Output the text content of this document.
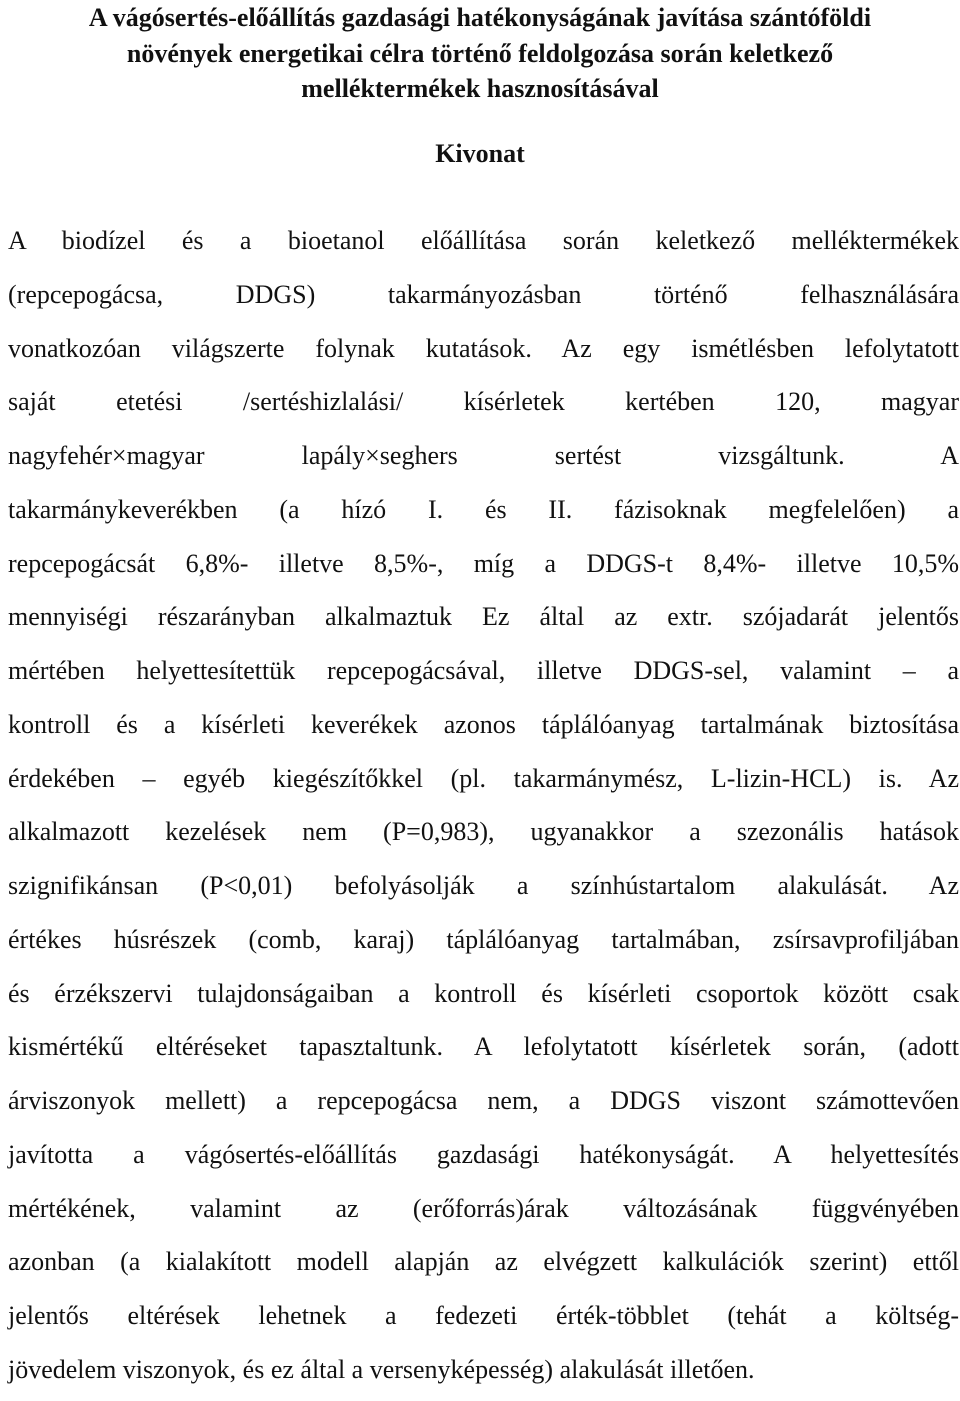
A vágósertés-előállítás gazdasági hatékonyságának javítása szántóföldi
növények energetikai célra történő feldolgozása során keletkező
melléktermékek hasznosításával
Kivonat
A biodízel és a bioetanol előállítása során keletkező melléktermékek
(repcepogácsa, DDGS) takarmányozásban történő felhasználására
vonatkozóan világszerte folynak kutatások. Az egy ismétlésben lefolytatott
saját etetési /sertéshizlalási/ kísérletek kertében 120, magyar
nagyfehér×magyar lapály×seghers sertést vizsgáltunk. A
takarmánykeverékben (a hízó I. és II. fázisoknak megfelelően) a
repcepogácsát 6,8%- illetve 8,5%-, míg a DDGS-t 8,4%- illetve 10,5%
mennyiségi részarányban alkalmaztuk Ez által az extr. szójadarát jelentős
mértében helyettesítettük repcepogácsával, illetve DDGS-sel, valamint – a
kontroll és a kísérleti keverékek azonos táplálóanyag tartalmának biztosítása
érdekében – egyéb kiegészítőkkel (pl. takarmánymész, L-lizin-HCL) is. Az
alkalmazott kezelések nem (P=0,983), ugyanakkor a szezonális hatások
szignifikánsan (P<0,01) befolyásolják a színhústartalom alakulását. Az
értékes húsrészek (comb, karaj) táplálóanyag tartalmában, zsírsavprofiljában
és érzékszervi tulajdonságaiban a kontroll és kísérleti csoportok között csak
kismértékű eltéréseket tapasztaltunk. A lefolytatott kísérletek során, (adott
árviszonyok mellett) a repcepogácsa nem, a DDGS viszont számottevően
javította a vágósertés-előállítás gazdasági hatékonyságát. A helyettesítés
mértékének, valamint az (erőforrás)árak változásának függvényében
azonban (a kialakított modell alapján az elvégzett kalkulációk szerint) ettől
jelentős eltérések lehetnek a fedezeti érték-többlet (tehát a költség-
jövedelem viszonyok, és ez által a versenyképesség) alakulását illetően.
